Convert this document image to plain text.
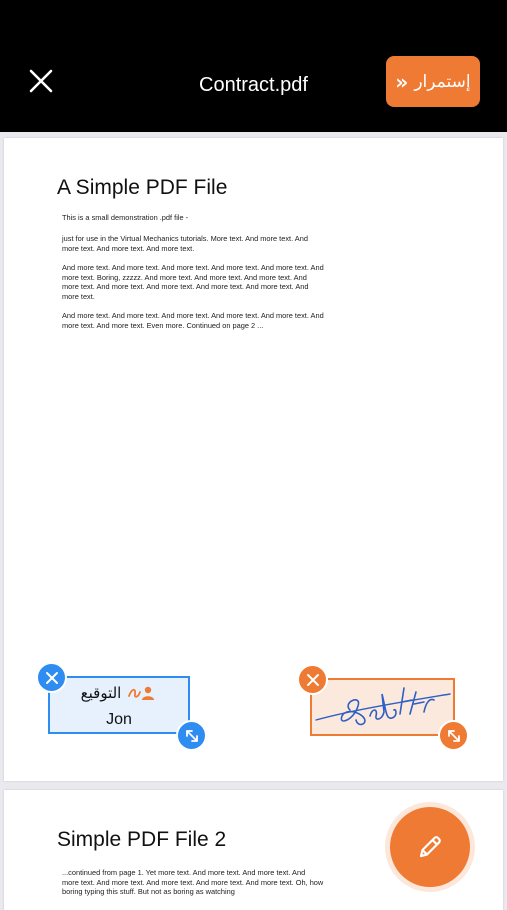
Contract.pdf	إستمرار
«
A Simple PDF File

This is a small demonstration .pdf file -

just for use in the Virtual Mechanics tutorials. More text. And more text. And more text. And more text. And more text.

And more text. And more text. And more text. And more text. And more text. And more text. Boring, zzzzz. And more text. And more text. And more text. And more text. And more text. And more text. And more text. And more text. And more text.

And more text. And more text. And more text. And more text. And more text. And more text. And more text. Even more. Continued on page 2 ...

التوقيع
Jon
Simple PDF File 2

...continued from page 1. Yet more text. And more text. And more text. And more text. And more text. And more text. And more text. And more text. Oh, how boring typing this stuff. But not as boring as watching
